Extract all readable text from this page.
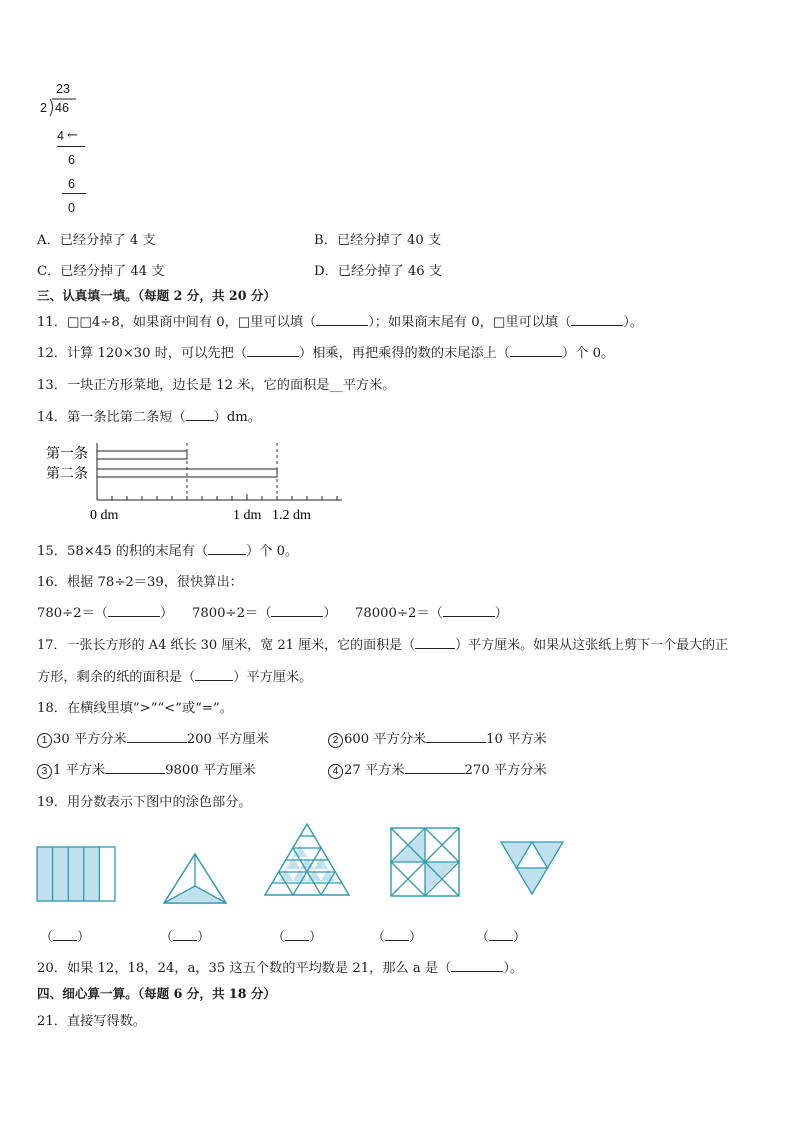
23
2 46
4 ←
6
6
0
A．已经分掉了 4 支	B．已经分掉了 40 支
C．已经分掉了 44 支	D．已经分掉了 46 支
三、认真填一填。（每题 2 分，共 20 分）
11．□□4÷8，如果商中间有 0，□里可以填（	）；如果商末尾有 0，□里可以填（	）。
12．计算 120×30 时，可以先把（	）相乘，再把乘得的数的末尾添上（	）个 0。
13．一块正方形菜地，边长是 12 米，它的面积是__平方米。
14．第一条比第二条短（ ）dm。
第一条
第二条
0 dm	1 dm 1.2 dm
15．58×45 的积的末尾有（	）个 0。
16．根据 78÷2＝39，很快算出：
780÷2＝（	） 7800÷2＝（	） 78000÷2＝（	）
17．一张长方形的 A4 纸长 30 厘米，宽 21 厘米，它的面积是（	）平方厘米。如果从这张纸上剪下一个最大的正
方形，剩余的纸的面积是（	）平方厘米。
18．在横线里填“>”“<”或“=”。
1 30 平方分米	200 平方厘米	2 600 平方分米	10 平方米
3 1 平方米	9800 平方厘米	4 27 平方米	270 平方分米
19．用分数表示下图中的涂色部分。
（ ）	（ ）	（ ）	（ ）	（ ）
20．如果 12，18，24，a，35 这五个数的平均数是 21，那么 a 是（	）。
四、细心算一算。（每题 6 分，共 18 分）
21．直接写得数。
